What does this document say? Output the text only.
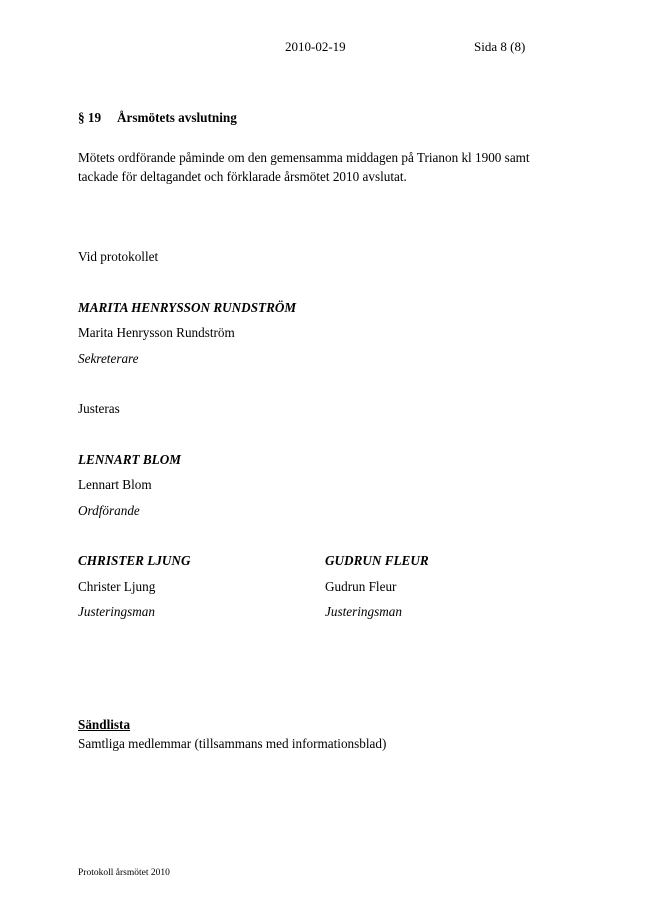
2010-02-19	Sida 8 (8)
§ 19 Årsmötets avslutning
Mötets ordförande påminde om den gemensamma middagen på Trianon kl 1900 samt tackade för deltagandet och förklarade årsmötet 2010 avslutat.
Vid protokollet
MARITA HENRYSSON RUNDSTRÖM
Marita Henrysson Rundström
Sekreterare
Justeras
LENNART BLOM
Lennart Blom
Ordförande
CHRISTER LJUNG
Christer Ljung
Justeringsman
GUDRUN FLEUR
Gudrun Fleur
Justeringsman
Sändlista
Samtliga medlemmar (tillsammans med informationsblad)
Protokoll årsmötet 2010
